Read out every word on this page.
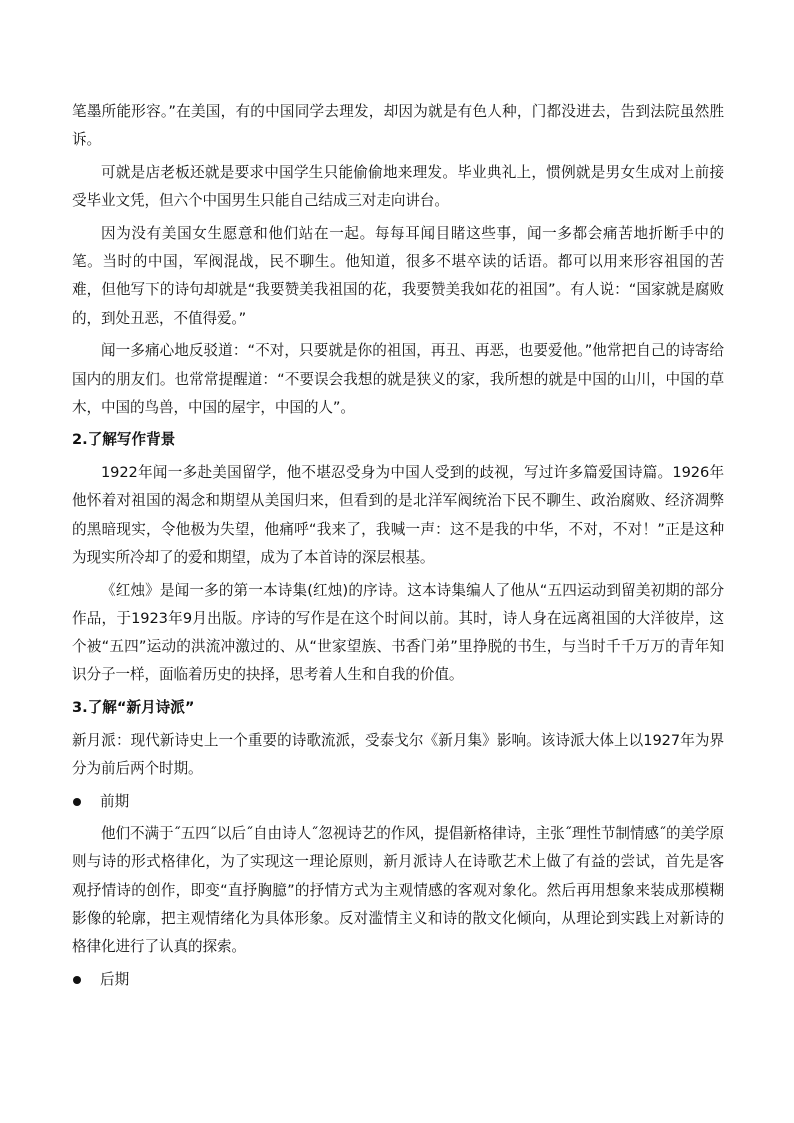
笔墨所能形容。”在美国，有的中国同学去理发，却因为就是有色人种，门都没进去，告到法院虽然胜诉。

可就是店老板还就是要求中国学生只能偷偷地来理发。毕业典礼上，惯例就是男女生成对上前接受毕业文凭，但六个中国男生只能自己结成三对走向讲台。

因为没有美国女生愿意和他们站在一起。每每耳闻目睹这些事，闻一多都会痛苦地折断手中的笔。当时的中国，军阀混战，民不聊生。他知道，很多不堪卒读的话语。都可以用来形容祖国的苦难，但他写下的诗句却就是“我要赞美我祖国的花，我要赞美我如花的祖国”。有人说：“国家就是腐败的，到处丑恶，不值得爱。”

闻一多痛心地反驳道：“不对，只要就是你的祖国，再丑、再恶，也要爱他。”他常把自己的诗寄给国内的朋友们。也常常提醒道：“不要误会我想的就是狭义的家，我所想的就是中国的山川，中国的草木，中国的鸟兽，中国的屋宇，中国的人”。

2.了解写作背景

1922年闻一多赴美国留学，他不堪忍受身为中国人受到的歧视，写过许多篇爱国诗篇。1926年他怀着对祖国的渴念和期望从美国归来，但看到的是北洋军阀统治下民不聊生、政治腐败、经济凋弊的黑暗现实，令他极为失望，他痛呼“我来了，我喊一声：这不是我的中华，不对，不对！”正是这种为现实所冷却了的爱和期望，成为了本首诗的深层根基。

《红烛》是闻一多的第一本诗集(红烛)的序诗。这本诗集编人了他从“五四运动到留美初期的部分作品，于1923年9月出版。序诗的写作是在这个时间以前。其时，诗人身在远离祖国的大洋彼岸，这个被“五四”运动的洪流冲激过的、从“世家望族、书香门弟”里挣脱的书生，与当时千千万万的青年知识分子一样，面临着历史的抉择，思考着人生和自我的价值。

3.了解“新月诗派”

新月派：现代新诗史上一个重要的诗歌流派，受泰戈尔《新月集》影响。该诗派大体上以1927年为界分为前后两个时期。

前期

他们不满于˝五四˝以后˝自由诗人˝忽视诗艺的作风，提倡新格律诗，主张˝理性节制情感˝的美学原则与诗的形式格律化，为了实现这一理论原则，新月派诗人在诗歌艺术上做了有益的尝试，首先是客观抒情诗的创作，即变“直抒胸臆”的抒情方式为主观情感的客观对象化。然后再用想象来装成那模糊影像的轮廓，把主观情绪化为具体形象。反对滥情主义和诗的散文化倾向，从理论到实践上对新诗的格律化进行了认真的探索。

后期
